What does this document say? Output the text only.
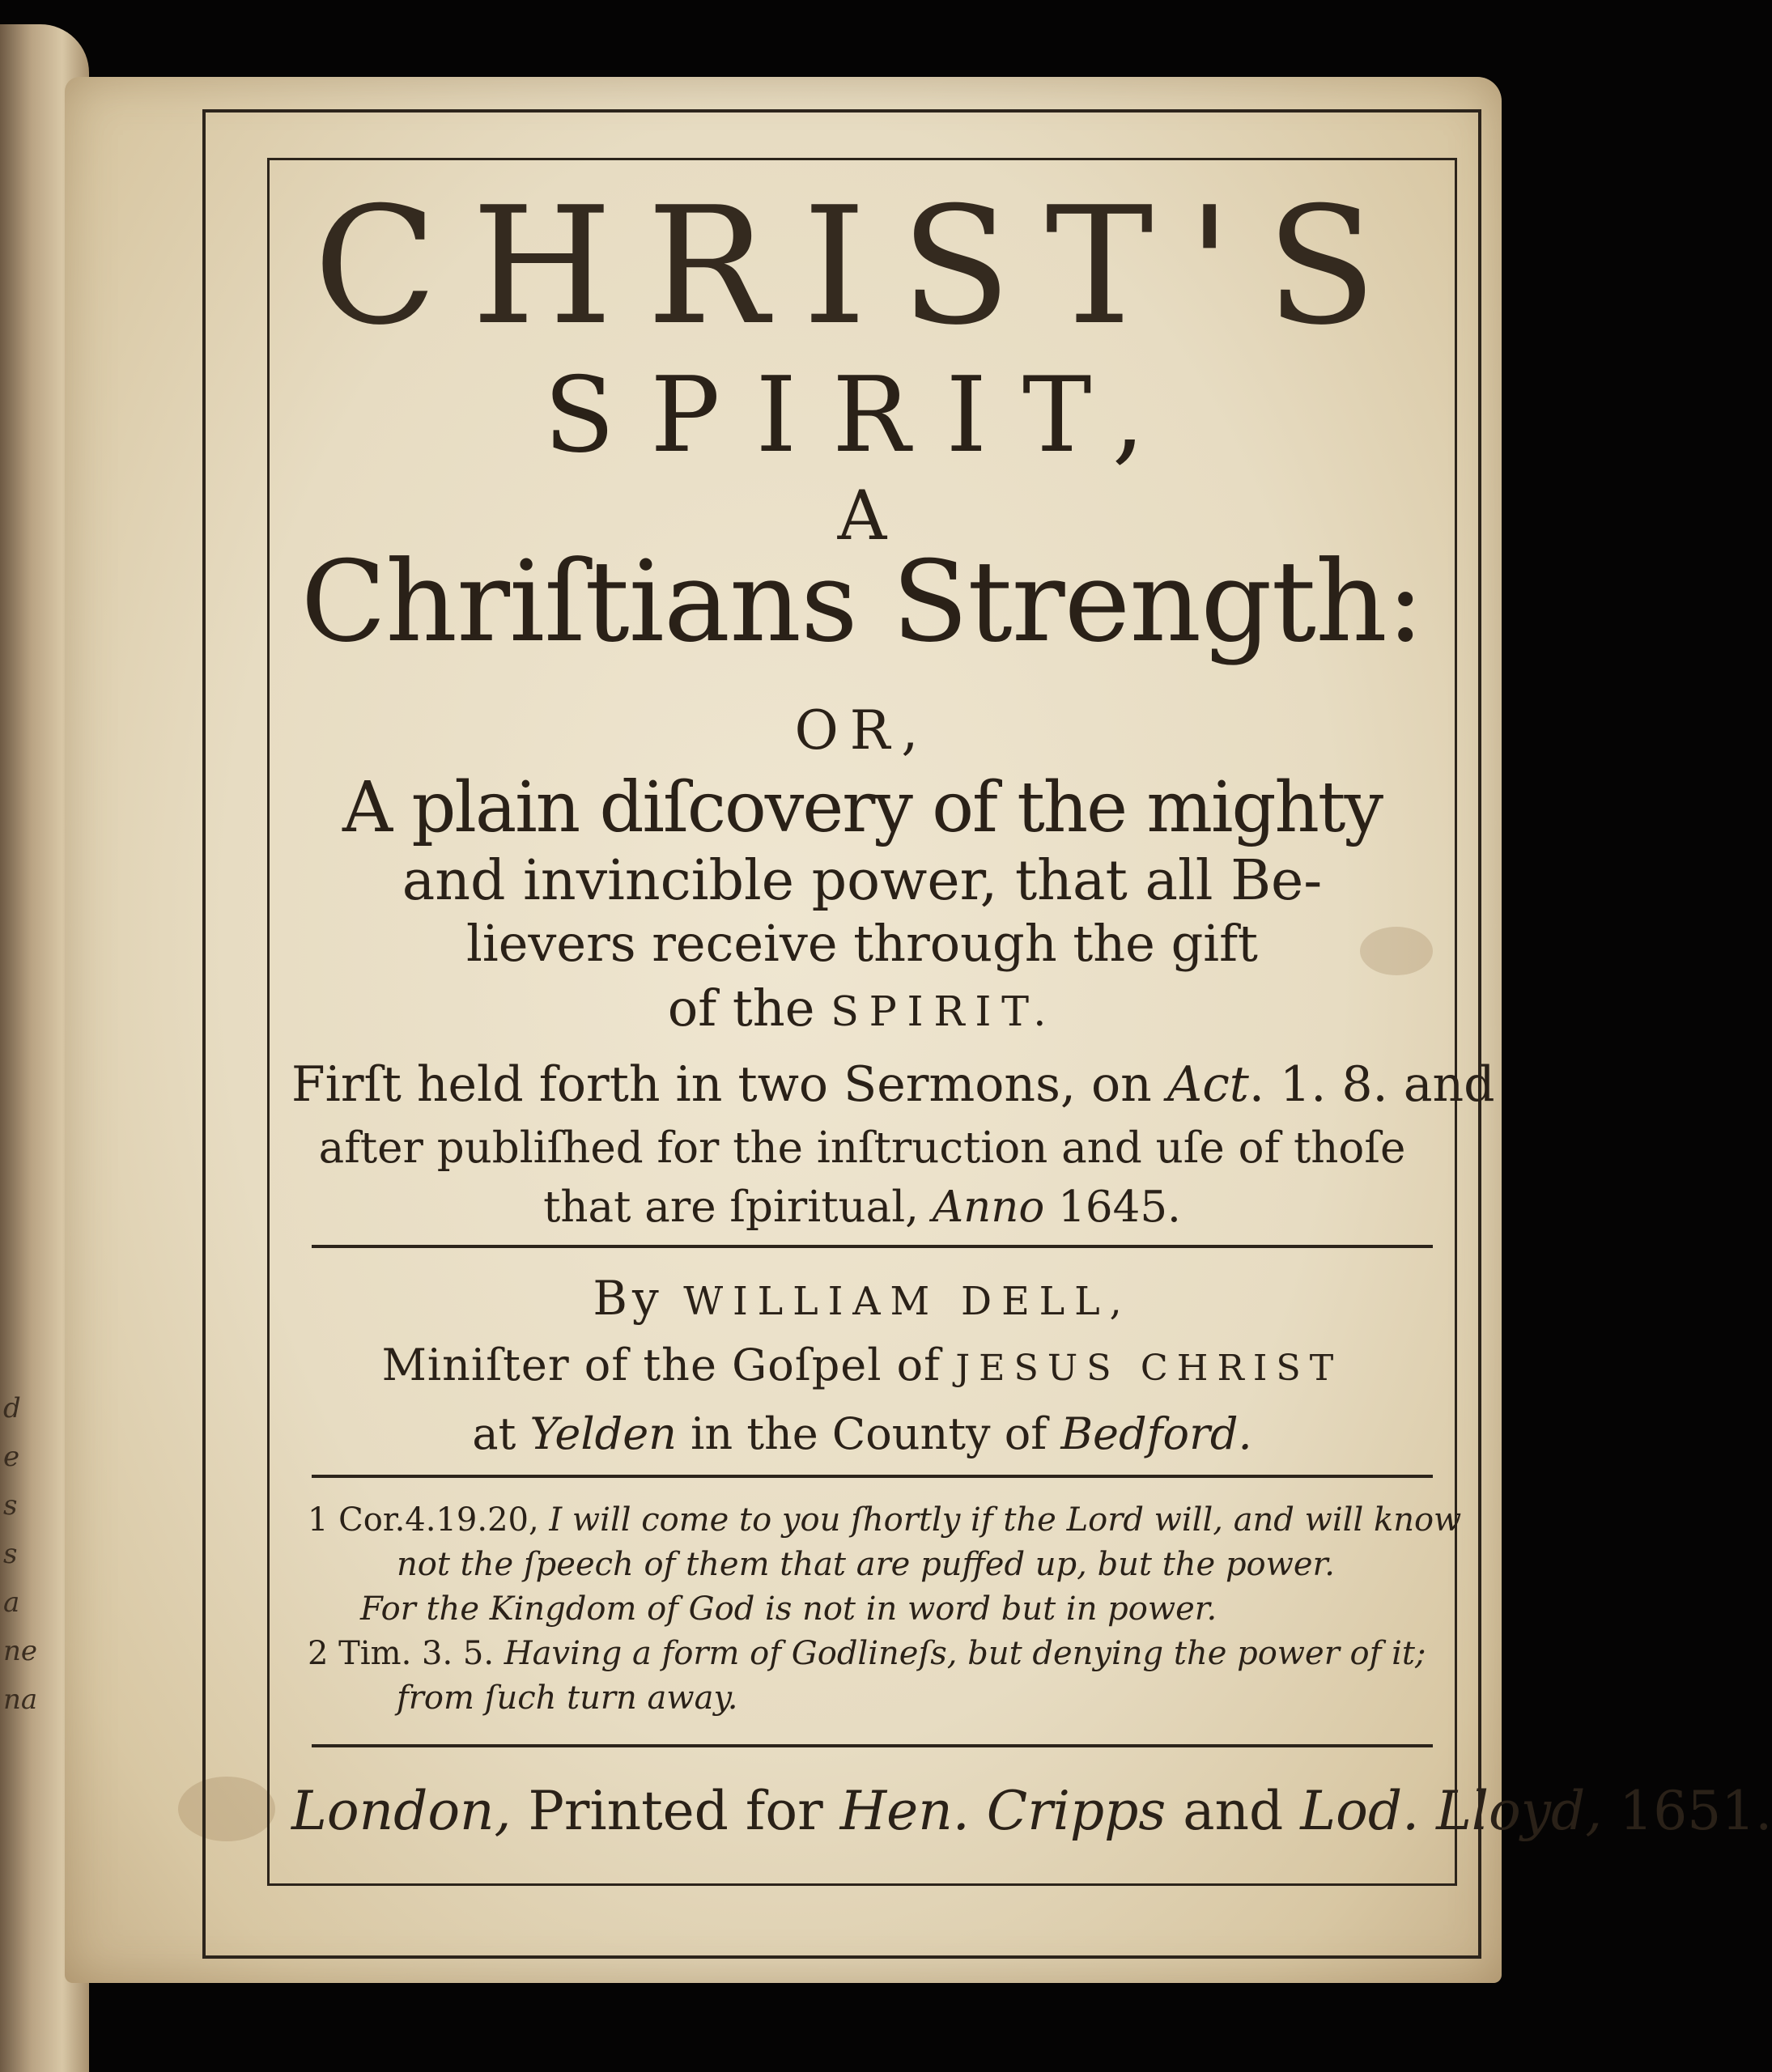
d
e
s
s
a
ne
na
CHRIST'S
SPIRIT,
A
Chriſtians Strength:
OR,
A plain diſcovery of the mighty
and invincible power, that all Be-
lievers receive through the gift
of the SPIRIT.
Firſt held forth in two Sermons, on Act. 1. 8. and
after publiſhed for the inſtruction and uſe of thoſe
that are ſpiritual, Anno 1645.
By WILLIAM DELL,
Miniſter of the Goſpel of JESUS CHRIST
at Yelden in the County of Bedford.
1 Cor.4.19.20, I will come to you ſhortly if the Lord will, and will know
not the ſpeech of them that are puffed up, but the power.
For the Kingdom of God is not in word but in power.
2 Tim. 3. 5. Having a form of Godlineſs, but denying the power of it;
from ſuch turn away.
London, Printed for Hen. Cripps and Lod. Lloyd, 1651.
